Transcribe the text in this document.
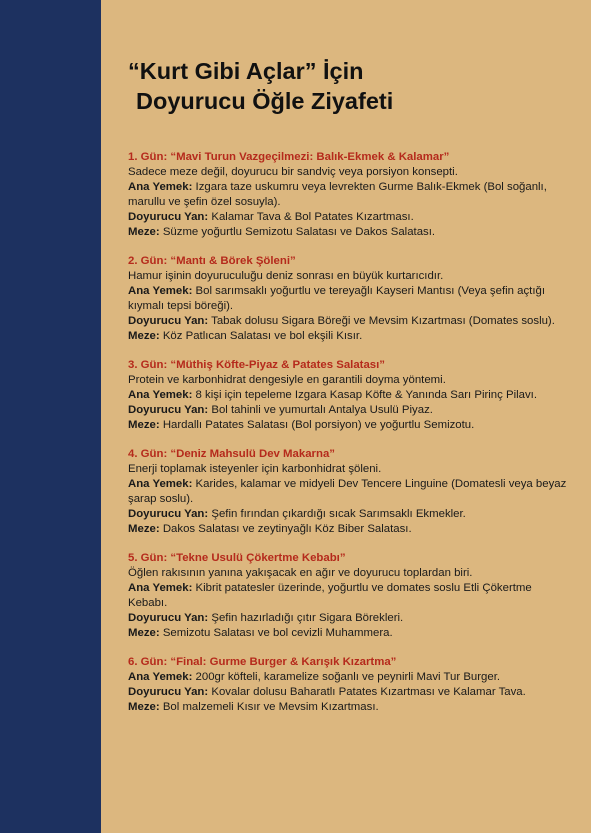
“Kurt Gibi Açlar” İçin
Doyurucu Öğle Ziyafeti

1. Gün: “Mavi Turun Vazgeçilmezi: Balık-Ekmek & Kalamar”

Sadece meze değil, doyurucu bir sandviç veya porsiyon konsepti.

Ana Yemek: Izgara taze uskumru veya levrekten Gurme Balık-Ekmek (Bol soğanlı, marullu ve şefin özel sosuyla).

Doyurucu Yan: Kalamar Tava & Bol Patates Kızartması.

Meze: Süzme yoğurtlu Semizotu Salatası ve Dakos Salatası.

2. Gün: “Mantı & Börek Şöleni”

Hamur işinin doyuruculuğu deniz sonrası en büyük kurtarıcıdır.

Ana Yemek: Bol sarımsaklı yoğurtlu ve tereyağlı Kayseri Mantısı (Veya şefin açtığı kıymalı tepsi böreği).

Doyurucu Yan: Tabak dolusu Sigara Böreği ve Mevsim Kızartması (Domates soslu).

Meze: Köz Patlıcan Salatası ve bol ekşili Kısır.

3. Gün: “Müthiş Köfte-Piyaz & Patates Salatası”

Protein ve karbonhidrat dengesiyle en garantili doyma yöntemi.

Ana Yemek: 8 kişi için tepeleme Izgara Kasap Köfte & Yanında Sarı Pirinç Pilavı.

Doyurucu Yan: Bol tahinli ve yumurtalı Antalya Usulü Piyaz.

Meze: Hardallı Patates Salatası (Bol porsiyon) ve yoğurtlu Semizotu.

4. Gün: “Deniz Mahsulü Dev Makarna”

Enerji toplamak isteyenler için karbonhidrat şöleni.

Ana Yemek: Karides, kalamar ve midyeli Dev Tencere Linguine (Domatesli veya beyaz şarap soslu).

Doyurucu Yan: Şefin fırından çıkardığı sıcak Sarımsaklı Ekmekler.

Meze: Dakos Salatası ve zeytinyağlı Köz Biber Salatası.

5. Gün: “Tekne Usulü Çökertme Kebabı”

Öğlen rakısının yanına yakışacak en ağır ve doyurucu toplardan biri.

Ana Yemek: Kibrit patatesler üzerinde, yoğurtlu ve domates soslu Etli Çökertme Kebabı.

Doyurucu Yan: Şefin hazırladığı çıtır Sigara Börekleri.

Meze: Semizotu Salatası ve bol cevizli Muhammera.

6. Gün: “Final: Gurme Burger & Karışık Kızartma”

Ana Yemek: 200gr köfteli, karamelize soğanlı ve peynirli Mavi Tur Burger.

Doyurucu Yan: Kovalar dolusu Baharatlı Patates Kızartması ve Kalamar Tava.

Meze: Bol malzemeli Kısır ve Mevsim Kızartması.
